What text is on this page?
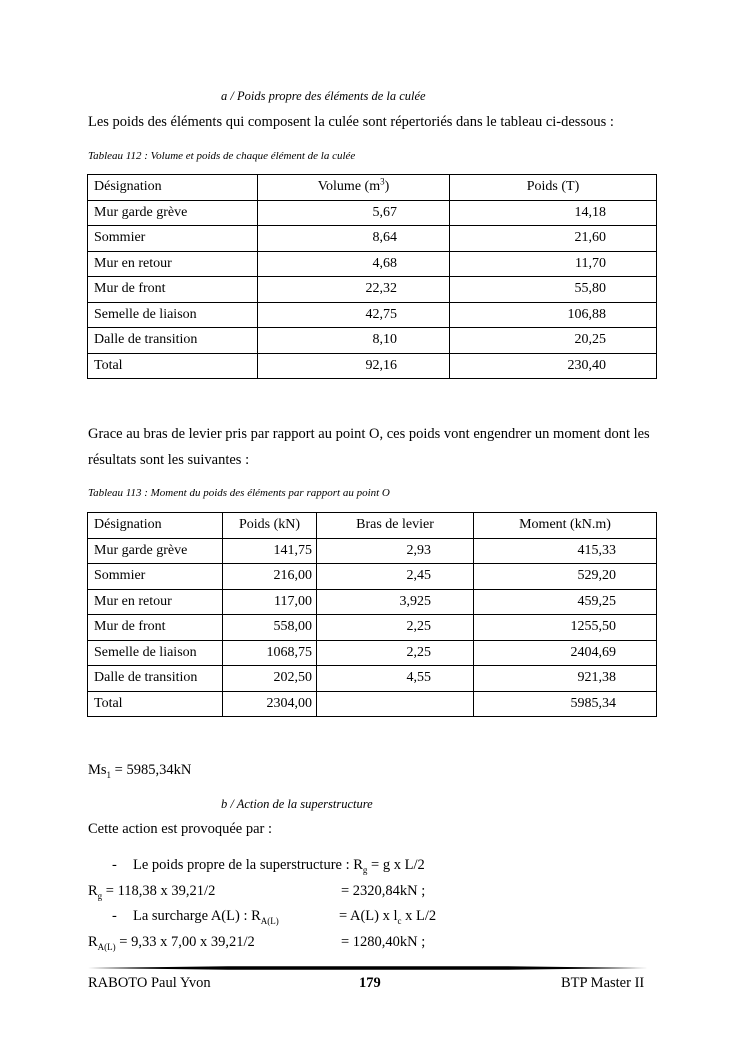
a / Poids propre des éléments de la culée
Les poids des éléments qui composent la culée sont répertoriés dans le tableau ci-dessous :
Tableau 112 : Volume et poids de chaque élément de la culée
Désignation	Volume $(m^3)$	Poids (T)
Mur garde grève	5,67	14,18
Sommier	8,64	21,60
Mur en retour	4,68	11,70
Mur de front	22,32	55,80
Semelle de liaison	42,75	106,88
Dalle de transition	8,10	20,25
Total	92,16	230,40
Grace au bras de levier pris par rapport au point O, ces poids vont engendrer un moment dont les résultats sont les suivantes :
Tableau 113 : Moment du poids des éléments par rapport au point O
Désignation	Poids (kN)	Bras de levier	Moment (kN.m)
Mur garde grève	141,75	2,93	415,33
Sommier	216,00	2,45	529,20
Mur en retour	117,00	3,925	459,25
Mur de front	558,00	2,25	1255,50
Semelle de liaison	1068,75	2,25	2404,69
Dalle de transition	202,50	4,55	921,38
Total	2304,00		5985,34
$Ms_1 = 5985,34kN$
b / Action de la superstructure
Cette action est provoquée par :
- Le poids propre de la superstructure : $R_g = g$ x L/2
$R_g = 118,38$ x 39,21/2	= 2320,84kN ;
- La surcharge A(L) : $R_{A(L)}$	= A(L) x $l_c$ x L/2
$R_{A(L)} = 9,33$ x 7,00 x 39,21/2	= 1280,40kN ;
RABOTO Paul Yvon	179	BTP Master II
